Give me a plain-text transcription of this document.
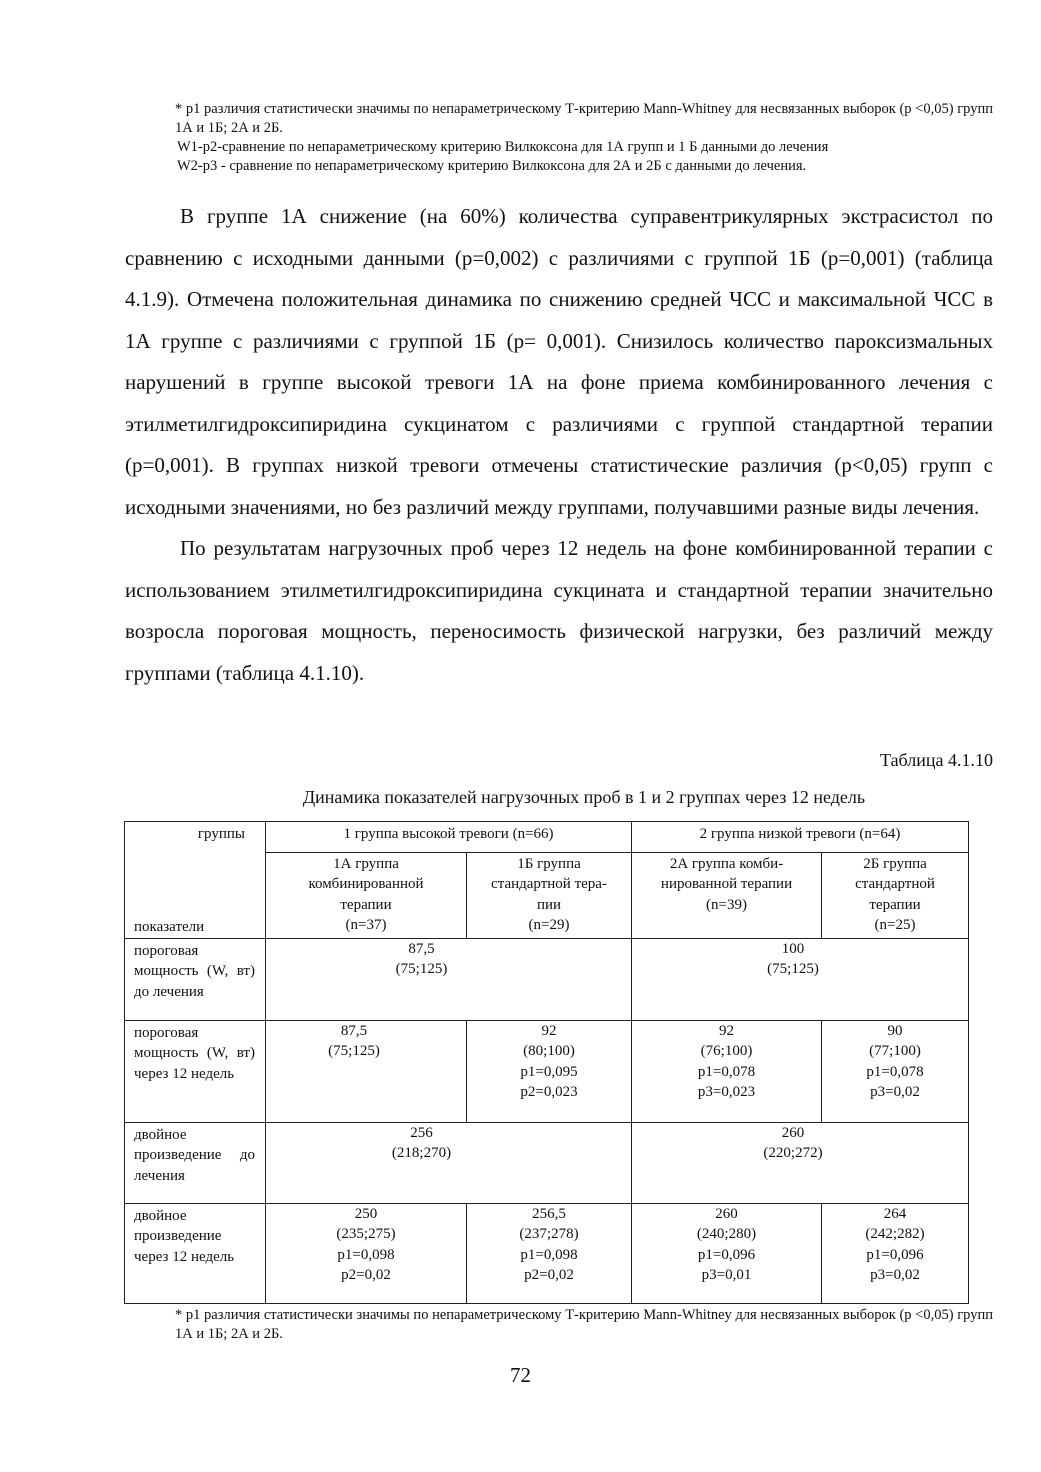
* р1 различия статистически значимы по непараметрическому Т-критерию Mann-Whitney для несвязанных выборок (р <0,05) групп 1А и 1Б; 2А и 2Б.
W1-р2-сравнение по непараметрическому критерию Вилкоксона для 1А групп и 1 Б данными до лечения
W2-р3 - сравнение по непараметрическому критерию Вилкоксона для 2А и 2Б с данными до лечения.

В группе 1А снижение (на 60%) количества суправентрикулярных экстрасистол по сравнению с исходными данными (р=0,002) с различиями с группой 1Б (р=0,001) (таблица 4.1.9). Отмечена положительная динамика по снижению средней ЧСС и максимальной ЧСС в 1А группе с различиями с группой 1Б (р= 0,001). Снизилось количество пароксизмальных нарушений в группе высокой тревоги 1А на фоне приема комбинированного лечения с этилметилгидроксипиридина сукцинатом с различиями с группой стандартной терапии (р=0,001). В группах низкой тревоги отмечены статистические различия (р<0,05) групп с исходными значениями, но без различий между группами, получавшими разные виды лечения.

По результатам нагрузочных проб через 12 недель на фоне комбинированной терапии с использованием этилметилгидроксипиридина сукцината и стандартной терапии значительно возросла пороговая мощность, переносимость физической нагрузки, без различий между группами (таблица 4.1.10).

Таблица 4.1.10
Динамика показателей нагрузочных проб в 1 и 2 группах через 12 недель

группы

показатели	1 группа высокой тревоги (n=66)		2 группа низкой тревоги (n=64)	
	1А группа
комбинированной
терапии
(n=37)	1Б группа
стандартной тера-
пии
(n=29)	2А группа комби-
нированной терапии
(n=39)	2Б группа
стандартной
терапии
(n=25)
пороговая мощность (W, вт) до лечения	87,5
(75;125)		100
(75;125)	
пороговая мощность (W, вт) через 12 недель	87,5
(75;125)	92
(80;100)
р1=0,095
р2=0,023	92
(76;100)
р1=0,078
р3=0,023	90
(77;100)
р1=0,078
р3=0,02
двойное произведение до лечения	256
(218;270)		260
(220;272)	
двойное произведение через 12 недель	250
(235;275)
р1=0,098
р2=0,02	256,5
(237;278)
р1=0,098
р2=0,02	260
(240;280)
р1=0,096
р3=0,01	264
(242;282)
р1=0,096
р3=0,02
* р1 различия статистически значимы по непараметрическому Т-критерию Mann-Whitney для несвязанных выборок (р <0,05) групп 1А и 1Б; 2А и 2Б.
72
